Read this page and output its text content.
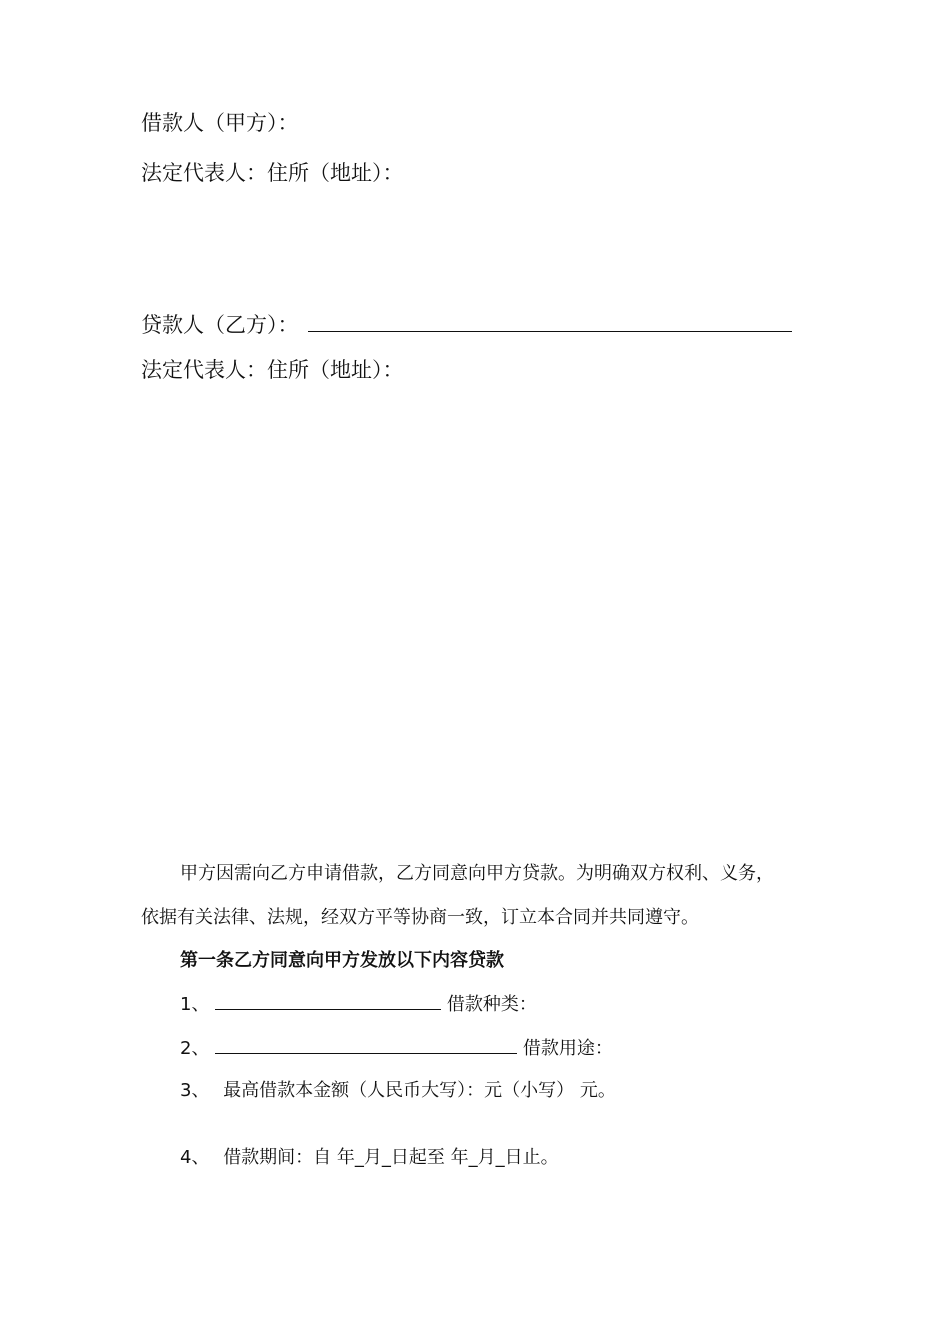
借款人（甲方）：
法定代表人：住所（地址）：
贷款人（乙方）：
法定代表人：住所（地址）：
甲方因需向乙方申请借款，乙方同意向甲方贷款。为明确双方权利、义务，
依据有关法律、法规，经双方平等协商一致，订立本合同并共同遵守。
第一条乙方同意向甲方发放以下内容贷款
1、	借款种类：
2、	借款用途：
3、 最高借款本金额（人民币大写）：元（小写） 元。
4、 借款期间：自 年_月_日起至 年_月_日止。
